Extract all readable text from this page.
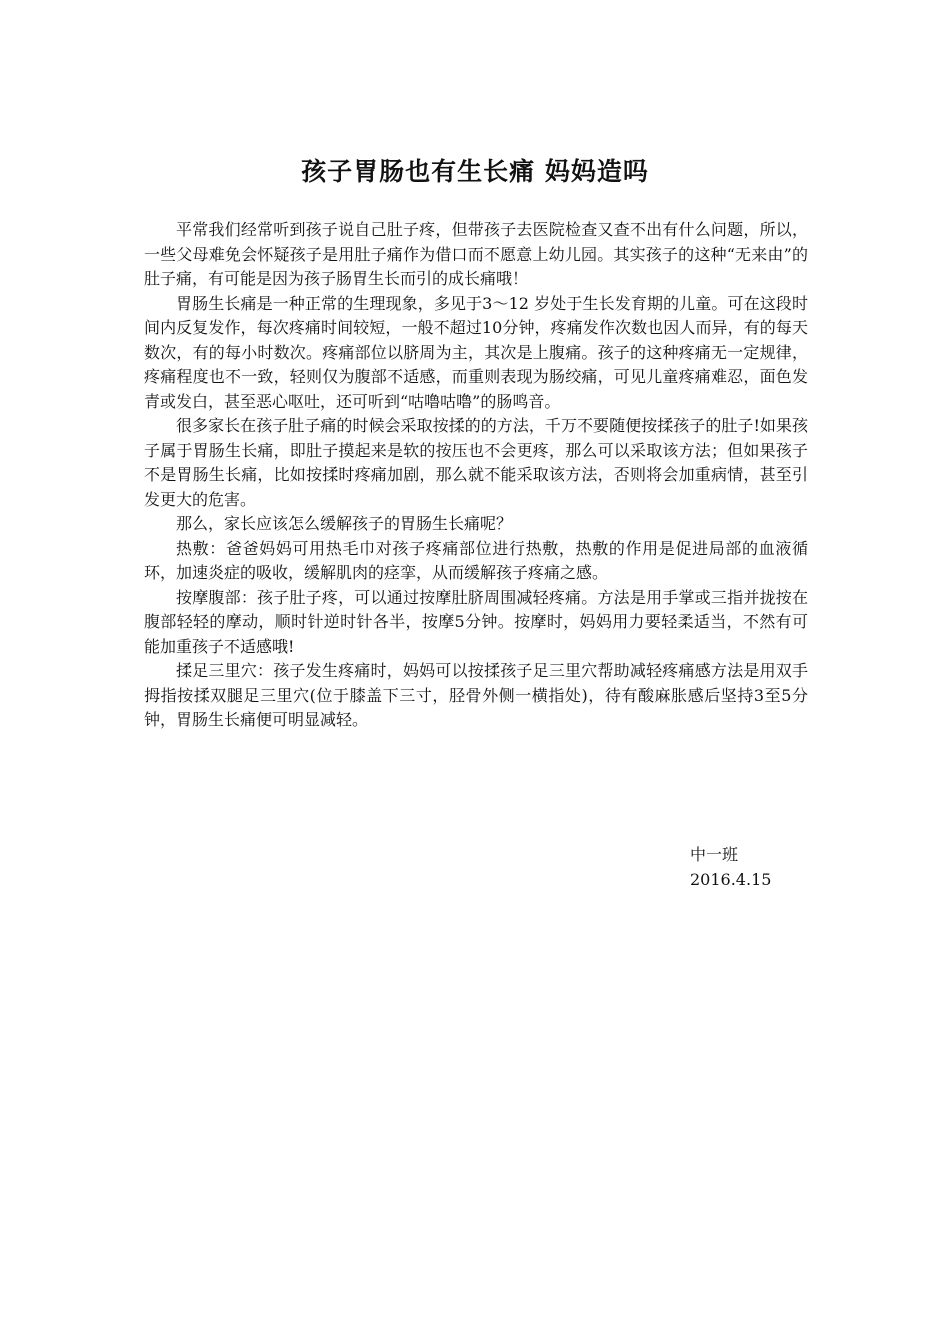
孩子胃肠也有生长痛 妈妈造吗

平常我们经常听到孩子说自己肚子疼，但带孩子去医院检查又查不出有什么问题，所以，一些父母难免会怀疑孩子是用肚子痛作为借口而不愿意上幼儿园。其实孩子的这种“无来由”的肚子痛，有可能是因为孩子肠胃生长而引的成长痛哦！

胃肠生长痛是一种正常的生理现象，多见于3～12 岁处于生长发育期的儿童。可在这段时间内反复发作，每次疼痛时间较短，一般不超过10分钟，疼痛发作次数也因人而异，有的每天数次，有的每小时数次。疼痛部位以脐周为主，其次是上腹痛。孩子的这种疼痛无一定规律，疼痛程度也不一致，轻则仅为腹部不适感，而重则表现为肠绞痛，可见儿童疼痛难忍，面色发青或发白，甚至恶心呕吐，还可听到“咕噜咕噜”的肠鸣音。

很多家长在孩子肚子痛的时候会采取按揉的的方法，千万不要随便按揉孩子的肚子!如果孩子属于胃肠生长痛，即肚子摸起来是软的按压也不会更疼，那么可以采取该方法；但如果孩子不是胃肠生长痛，比如按揉时疼痛加剧，那么就不能采取该方法，否则将会加重病情，甚至引发更大的危害。

那么，家长应该怎么缓解孩子的胃肠生长痛呢？

热敷：爸爸妈妈可用热毛巾对孩子疼痛部位进行热敷，热敷的作用是促进局部的血液循环，加速炎症的吸收，缓解肌肉的痉挛，从而缓解孩子疼痛之感。

按摩腹部：孩子肚子疼，可以通过按摩肚脐周围减轻疼痛。方法是用手掌或三指并拢按在腹部轻轻的摩动，顺时针逆时针各半，按摩5分钟。按摩时，妈妈用力要轻柔适当，不然有可能加重孩子不适感哦!

揉足三里穴：孩子发生疼痛时，妈妈可以按揉孩子足三里穴帮助减轻疼痛感方法是用双手拇指按揉双腿足三里穴(位于膝盖下三寸，胫骨外侧一横指处)，待有酸麻胀感后坚持3至5分钟，胃肠生长痛便可明显减轻。

中一班
2016.4.15
